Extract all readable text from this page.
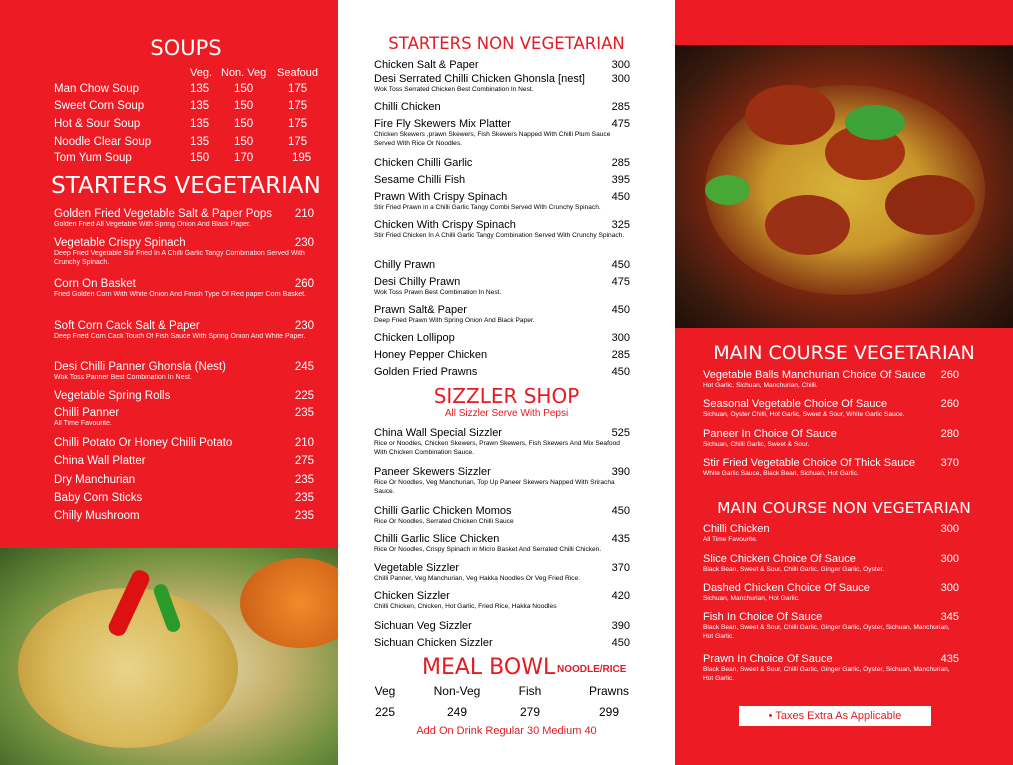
SOUPS
Veg. Non. Veg Seafoud
Man Chow Soup	135 150	175
Sweet Corn Soup	135 150	175
Hot & Sour Soup	135 150	175
Noodle Clear Soup	135 150	175
Tom Yum Soup	150 170	195
STARTERS VEGETARIAN
Golden Fried Vegetable Salt & Paper Pops	210
Golden Fried All Vegetable With Spring Onion And Black Paper.
Vegetable Crispy Spinach	230
Deep Fried Vegetable Stir Fried In A Chilli Garlic Tangy Combination Served With Crunchy Spinach.
Corn On Basket	260
Fried Golden Corn With White Onion And Finish Type Of Red paper Corn Basket.
Soft Corn Cack Salt & Paper	230
Deep Fried Corn Cack Touch Of Fish Sauce With Spring Onion And White Paper.
Desi Chilli Panner Ghonsla (Nest)	245
Wok Toss Panner Best Combination In Nest.
Vegetable Spring Rolls	225
Chilli Panner	235
All Time Favourite.
Chilli Potato Or Honey Chilli Potato	210
China Wall Platter	275
Dry Manchurian	235
Baby Corn Sticks	235
Chilly Mushroom	235
STARTERS NON VEGETARIAN
Chicken Salt & Paper	300
Desi Serrated Chilli Chicken Ghonsla [nest]	300
Wok Toss Serrated Chicken Best Combination In Nest.
Chilli Chicken	285
Fire Fly Skewers Mix Platter	475
Chicken Skewers ,prawn Skewers, Fish Skewers Napped With Chilli Plum Sauce Served With Rice Or Noodles.
Chicken Chilli Garlic	285
Sesame Chilli Fish	395
Prawn With Crispy Spinach	450
Stir Fried Prawn in a Chilli Garlic Tangy Combi Served With Crunchy Spinach.
Chicken With Crispy Spinach	325
Stir Fried Chicken In A Chilli Garlic Tangy Combination Served With Crunchy Spinach.
Chilly Prawn	450
Desi Chilly Prawn	475
Wok Toss Prawn Best Combination In Nest.
Prawn Salt& Paper	450
Deep Fried Prawn With Spring Onion And Black Paper.
Chicken Lollipop	300
Honey Pepper Chicken	285
Golden Fried Prawns	450
SIZZLER SHOP
All Sizzler Serve With Pepsi
China Wall Special Sizzler	525
Rice or Noodles, Chicken Skewers, Prawn Skewers, Fish Skewers And Mix Seafood With Chicken Combination Sauce.
Paneer Skewers Sizzler	390
Rice Or Noodles, Veg Manchurian, Top Up Paneer Skewers Napped With Sriracha Sauce.
Chilli Garlic Chicken Momos	450
Rice Or Noodles, Serrated Chicken Chilli Sauce
Chilli Garlic Slice Chicken	435
Rice Or Noodles, Crispy Spinach in Micro Basket And Serrated Chilli Chicken.
Vegetable Sizzler	370
Chilli Panner, Veg Manchurian, Veg Hakka Noodles Or Veg Fried Rice.
Chicken Sizzler	420
Chilli Chicken, Chicken, Hot Garlic, Fried Rice, Hakka Noodles
Sichuan Veg Sizzler	390
Sichuan Chicken Sizzler	450
MEAL BOWL NOODLE/RICE
Veg	Non-Veg	Fish	Prawns
225	249	279	299
Add On Drink Regular 30 Medium 40
MAIN COURSE VEGETARIAN
Vegetable Balls Manchurian Choice Of Sauce	260
Hot Garlic, Sichuan, Manchurian, Chilli.
Seasonal Vegetable Choice Of Sauce	260
Sichuan, Oyster Chilli, Hot Garlic, Sweet & Sour, White Garlic Sauce.
Paneer In Choice Of Sauce	280
Sichuan, Chilli Garlic, Sweet & Sour.
Stir Fried Vegetable Choice Of Thick Sauce	370
White Garlic Sauce, Black Bean, Sichuan, Hot Garlic.
MAIN COURSE NON VEGETARIAN
Chilli Chicken	300
All Time Favourite.
Slice Chicken Choice Of Sauce	300
Black Bean, Sweet & Sour, Chilli Garlic, Ginger Garlic, Oyster.
Dashed Chicken Choice Of Sauce	300
Sichuan, Manchurian, Hot Garlic.
Fish In Choice Of Sauce	345
Black Bean, Sweet & Sour, Chilli Garlic, Ginger Garlic, Oyster, Sichuan, Manchurian, Hot Garlic.
Prawn In Choice Of Sauce	435
Black Bean, Sweet & Sour, Chilli Garlic, Ginger Garlic, Oyster, Sichuan, Manchurian, Hot Garlic.
• Taxes Extra As Applicable
